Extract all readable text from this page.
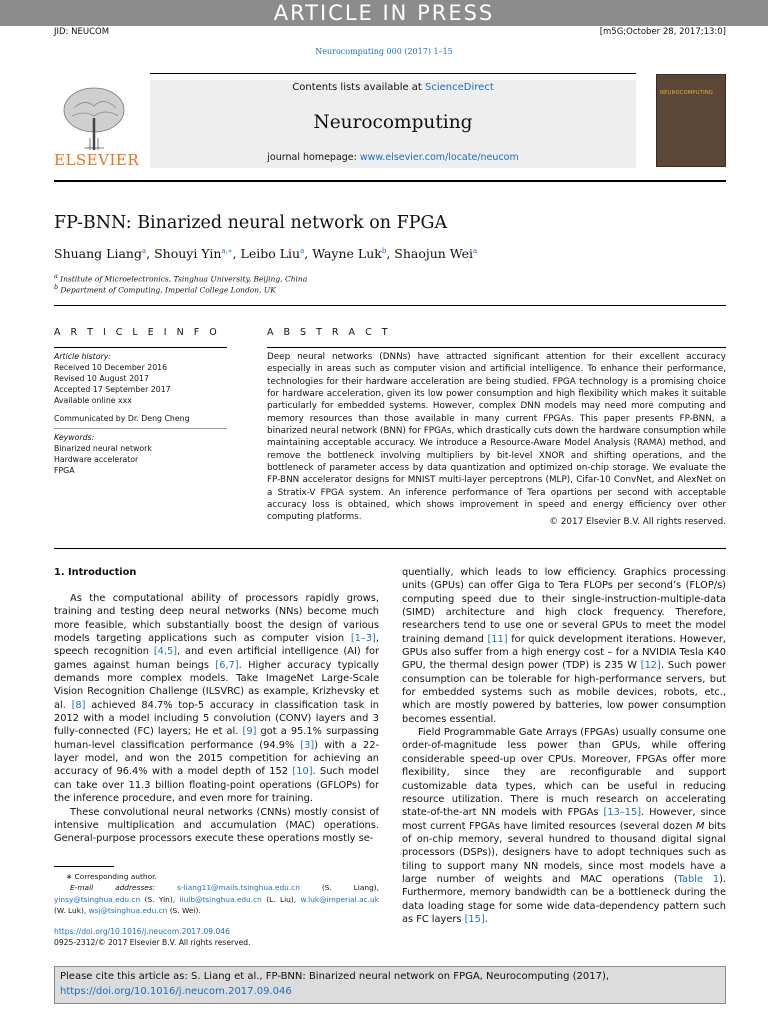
ARTICLE IN PRESS
JID: NEUCOM	[m5G;October 28, 2017;13:0]
Neurocomputing 000 (2017) 1–15
ELSEVIER
Contents lists available at ScienceDirect
Neurocomputing
journal homepage: www.elsevier.com/locate/neucom
NEUROCOMPUTING
FP-BNN: Binarized neural network on FPGA
Shuang Liang$^a$, Shouyi Yin$^{a,∗}$, Leibo Liu$^a$, Wayne Luk$^b$, Shaojun Wei$^a$
$^a$ Institute of Microelectronics, Tsinghua University, Beijing, China
$^b$ Department of Computing, Imperial College London, UK
A R T I C L E I N F O	A B S T R A C T
Article history:
Received 10 December 2016
Revised 10 August 2017
Accepted 17 September 2017
Available online xxx
Communicated by Dr. Deng Cheng
Keywords:
Binarized neural network
Hardware accelerator
FPGA
Deep neural networks (DNNs) have attracted significant attention for their excellent accuracy especially in areas such as computer vision and artificial intelligence. To enhance their performance, technologies for their hardware acceleration are being studied. FPGA technology is a promising choice for hardware acceleration, given its low power consumption and high flexibility which makes it suitable particularly for embedded systems. However, complex DNN models may need more computing and memory resources than those available in many current FPGAs. This paper presents FP-BNN, a binarized neural network (BNN) for FPGAs, which drastically cuts down the hardware consumption while maintaining acceptable accuracy. We introduce a Resource-Aware Model Analysis (RAMA) method, and remove the bottleneck involving multipliers by bit-level XNOR and shifting operations, and the bottleneck of parameter access by data quantization and optimized on-chip storage. We evaluate the FP-BNN accelerator designs for MNIST multi-layer perceptrons (MLP), Cifar-10 ConvNet, and AlexNet on a Stratix-V FPGA system. An inference performance of Tera opartions per second with acceptable accuracy loss is obtained, which shows improvement in speed and energy efficiency over other computing platforms.	© 2017 Elsevier B.V. All rights reserved.
1. Introduction

As the computational ability of processors rapidly grows, training and testing deep neural networks (NNs) become much more feasible, which substantially boost the design of various models targeting applications such as computer vision [1–3], speech recognition [4,5], and even artificial intelligence (AI) for games against human beings [6,7]. Higher accuracy typically demands more complex models. Take ImageNet Large-Scale Vision Recognition Challenge (ILSVRC) as example, Krizhevsky et al. [8] achieved 84.7% top-5 accuracy in classification task in 2012 with a model including 5 convolution (CONV) layers and 3 fully-connected (FC) layers; He et al. [9] got a 95.1% surpassing human-level classification performance (94.9% [3]) with a 22-layer model, and won the 2015 competition for achieving an accuracy of 96.4% with a model depth of 152 [10]. Such model can take over 11.3 billion floating-point operations (GFLOPs) for the inference procedure, and even more for training.

These convolutional neural networks (CNNs) mostly consist of intensive multiplication and accumulation (MAC) operations. General-purpose processors execute these operations mostly se-

quentially, which leads to low efficiency. Graphics processing units (GPUs) can offer Giga to Tera FLOPs per second’s (FLOP/s) computing speed due to their single-instruction-multiple-data (SIMD) architecture and high clock frequency. Therefore, researchers tend to use one or several GPUs to meet the model training demand [11] for quick development iterations. However, GPUs also suffer from a high energy cost – for a NVIDIA Tesla K40 GPU, the thermal design power (TDP) is 235 W [12]. Such power consumption can be tolerable for high-performance servers, but for embedded systems such as mobile devices, robots, etc., which are mostly powered by batteries, low power consumption becomes essential.

Field Programmable Gate Arrays (FPGAs) usually consume one order-of-magnitude less power than GPUs, while offering considerable speed-up over CPUs. Moreover, FPGAs offer more flexibility, since they are reconfigurable and support customizable data types, which can be useful in reducing resource utilization. There is much research on accelerating state-of-the-art NN models with FPGAs [13–15]. However, since most current FPGAs have limited resources (several dozen M bits of on-chip memory, several hundred to thousand digital signal processors (DSPs)), designers have to adopt techniques such as tiling to support many NN models, since most models have a large number of weights and MAC operations (Table 1). Furthermore, memory bandwidth can be a bottleneck during the data loading stage for some wide data-dependency pattern such as FC layers [15].

∗ Corresponding author.
E-mail addresses: s-liang11@mails.tsinghua.edu.cn (S. Liang), yinsy@tsinghua.edu.cn (S. Yin), liulb@tsinghua.edu.cn (L. Liu), w.luk@imperial.ac.uk (W. Luk), wsj@tsinghua.edu.cn (S. Wei).
https://doi.org/10.1016/j.neucom.2017.09.046
0925-2312/© 2017 Elsevier B.V. All rights reserved.
Please cite this article as: S. Liang et al., FP-BNN: Binarized neural network on FPGA, Neurocomputing (2017),
https://doi.org/10.1016/j.neucom.2017.09.046
